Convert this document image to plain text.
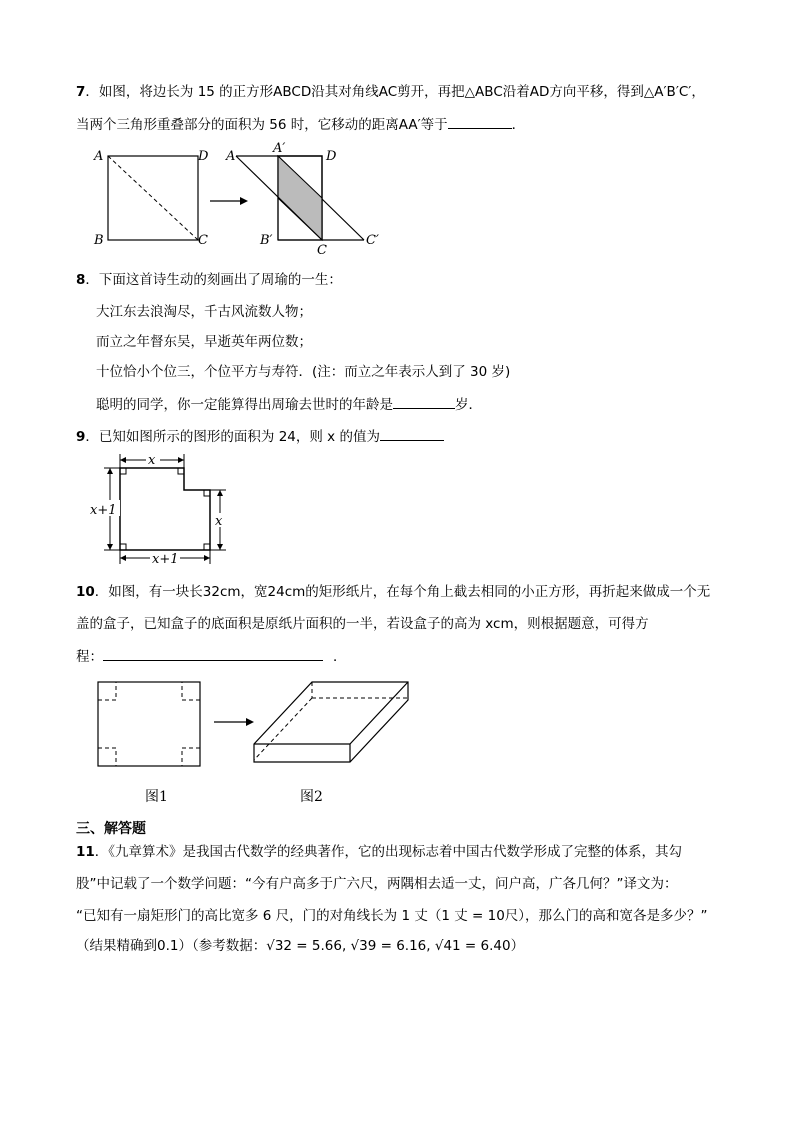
7．如图，将边长为 15 的正方形ABCD沿其对角线AC剪开，再把△ABC沿着AD方向平移，得到△A′B′C′，
当两个三角形重叠部分的面积为 56 时，它移动的距离AA′等于	．
A	D
B	C
A
A′
D
B′
C
C′
8．下面这首诗生动的刻画出了周瑜的一生：
大江东去浪淘尽，千古风流数人物；
而立之年督东吴，早逝英年两位数；
十位恰小个位三，个位平方与寿符．(注：而立之年表示人到了 30 岁)
聪明的同学，你一定能算得出周瑜去世时的年龄是	岁．
9．已知如图所示的图形的面积为 24，则 x 的值为
x
x+1
x
x+1
10．如图，有一块长32cm，宽24cm的矩形纸片，在每个角上截去相同的小正方形，再折起来做成一个无
盖的盒子，已知盒子的底面积是原纸片面积的一半，若设盒子的高为 xcm，则根据题意，可得方
程：	．
图1	图2
三、解答题
11．《九章算术》是我国古代数学的经典著作，它的出现标志着中国古代数学形成了完整的体系，其勾
股”中记载了一个数学问题：“今有户高多于广六尺，两隅相去适一丈，问户高，广各几何？”译文为：
“已知有一扇矩形门的高比宽多 6 尺，门的对角线长为 1 丈（1 丈 = 10尺），那么门的高和宽各是多少？”
（结果精确到0.1）（参考数据：√32 = 5.66, √39 = 6.16, √41 = 6.40）
